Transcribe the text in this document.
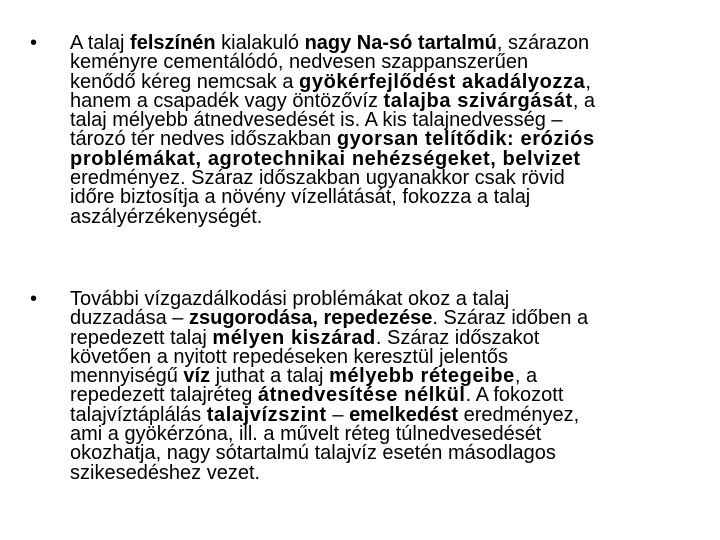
• A talaj felszínén kialakuló nagy Na-só tartalmú, szárazon
keményre cementálódó, nedvesen szappanszerűen
kenődő kéreg nemcsak a gyökérfejlődést akadályozza,
hanem a csapadék vagy öntözővíz talajba szivárgását, a
talaj mélyebb átnedvesedését is. A kis talajnedvesség –
tározó tér nedves időszakban gyorsan telítődik: eróziós
problémákat, agrotechnikai nehézségeket, belvizet
eredményez. Száraz időszakban ugyanakkor csak rövid
időre biztosítja a növény vízellátását, fokozza a talaj
aszályérzékenységét.
• További vízgazdálkodási problémákat okoz a talaj
duzzadása – zsugorodása, repedezése. Száraz időben a
repedezett talaj mélyen kiszárad. Száraz időszakot
követően a nyitott repedéseken keresztül jelentős
mennyiségű víz juthat a talaj mélyebb rétegeibe, a
repedezett talajréteg átnedvesítése nélkül. A fokozott
talajvíztáplálás talajvízszint – emelkedést eredményez,
ami a gyökérzóna, ill. a művelt réteg túlnedvesedését
okozhatja, nagy sótartalmú talajvíz esetén másodlagos
szikesedéshez vezet.
